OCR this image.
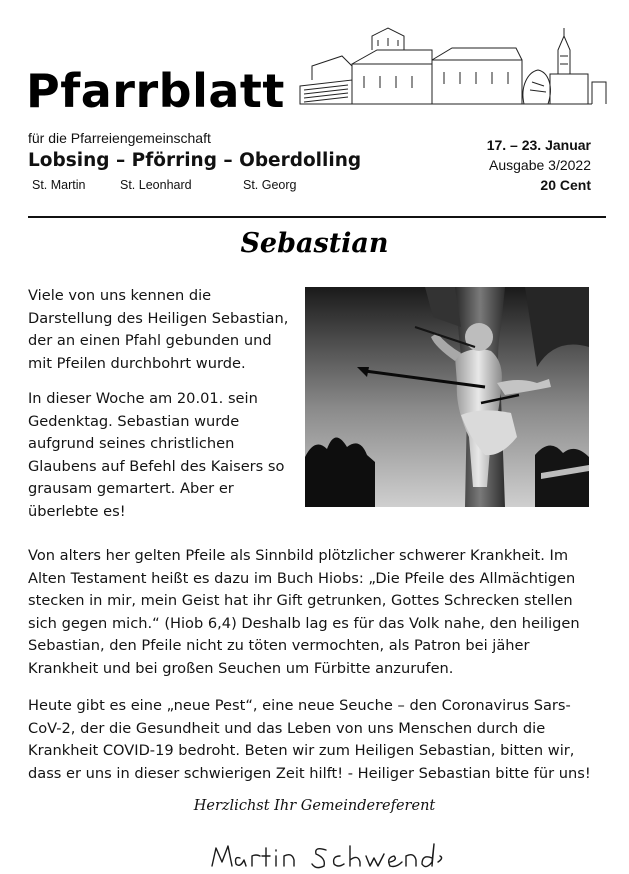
Pfarrblatt
für die Pfarreiengemeinschaft
Lobsing – Pförring – Oberdolling
St. Martin	St. Leonhard	St. Georg
17. – 23. Januar
Ausgabe 3/2022
20 Cent
Sebastian

Viele von uns kennen die Darstellung des Heiligen Sebastian, der an einen Pfahl gebunden und mit Pfeilen durchbohrt wurde.

In dieser Woche am 20.01. sein Gedenktag. Sebastian wurde aufgrund seines christlichen Glaubens auf Befehl des Kaisers so grausam gemartert. Aber er überlebte es!

Von alters her gelten Pfeile als Sinnbild plötzlicher schwerer Krankheit. Im Alten Testament heißt es dazu im Buch Hiobs: „Die Pfeile des Allmächtigen stecken in mir, mein Geist hat ihr Gift getrunken, Gottes Schrecken stellen sich gegen mich.“ (Hiob 6,4) Deshalb lag es für das Volk nahe, den heiligen Sebastian, den Pfeile nicht zu töten vermochten, als Patron bei jäher Krankheit und bei großen Seuchen um Fürbitte anzurufen.

Heute gibt es eine „neue Pest“, eine neue Seuche – den Coronavirus Sars-CoV-2, der die Gesundheit und das Leben von uns Menschen durch die Krankheit COVID-19 bedroht. Beten wir zum Heiligen Sebastian, bitten wir, dass er uns in dieser schwierigen Zeit hilft! - Heiliger Sebastian bitte für uns!

Herzlichst Ihr Gemeindereferent
